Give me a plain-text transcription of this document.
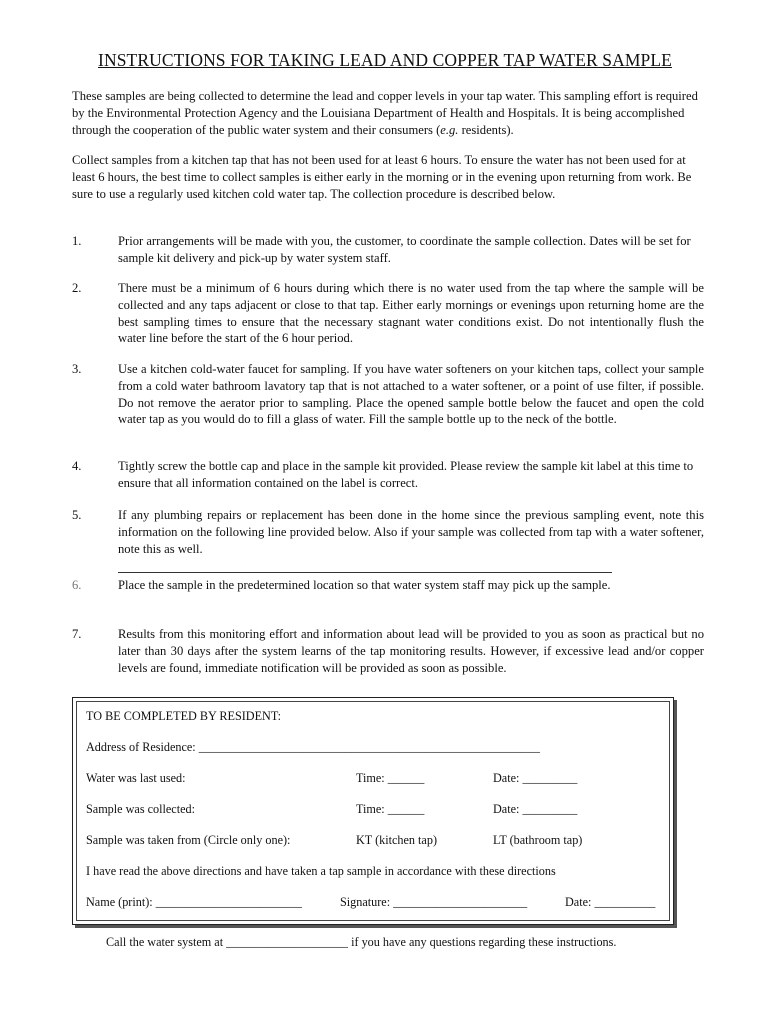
INSTRUCTIONS FOR TAKING LEAD AND COPPER TAP WATER SAMPLE
These samples are being collected to determine the lead and copper levels in your tap water. This sampling effort is required by the Environmental Protection Agency and the Louisiana Department of Health and Hospitals. It is being accomplished through the cooperation of the public water system and their consumers (e.g. residents).
Collect samples from a kitchen tap that has not been used for at least 6 hours. To ensure the water has not been used for at least 6 hours, the best time to collect samples is either early in the morning or in the evening upon returning from work. Be sure to use a regularly used kitchen cold water tap. The collection procedure is described below.
1.	Prior arrangements will be made with you, the customer, to coordinate the sample collection. Dates will be set for sample kit delivery and pick-up by water system staff.
2.	There must be a minimum of 6 hours during which there is no water used from the tap where the sample will be collected and any taps adjacent or close to that tap. Either early mornings or evenings upon returning home are the best sampling times to ensure that the necessary stagnant water conditions exist. Do not intentionally flush the water line before the start of the 6 hour period.
3.	Use a kitchen cold-water faucet for sampling. If you have water softeners on your kitchen taps, collect your sample from a cold water bathroom lavatory tap that is not attached to a water softener, or a point of use filter, if possible. Do not remove the aerator prior to sampling. Place the opened sample bottle below the faucet and open the cold water tap as you would do to fill a glass of water. Fill the sample bottle up to the neck of the bottle.
4.	Tightly screw the bottle cap and place in the sample kit provided. Please review the sample kit label at this time to ensure that all information contained on the label is correct.
5.	If any plumbing repairs or replacement has been done in the home since the previous sampling event, note this information on the following line provided below. Also if your sample was collected from tap with a water softener, note this as well.
6.	Place the sample in the predetermined location so that water system staff may pick up the sample.
7.	Results from this monitoring effort and information about lead will be provided to you as soon as practical but no later than 30 days after the system learns of the tap monitoring results. However, if excessive lead and/or copper levels are found, immediate notification will be provided as soon as possible.
TO BE COMPLETED BY RESIDENT:
Address of Residence: ________________________________________________________
Water was last used:	Time: ______	Date: _________
Sample was collected:	Time: ______	Date: _________
Sample was taken from (Circle only one):	KT (kitchen tap)	LT (bathroom tap)
I have read the above directions and have taken a tap sample in accordance with these directions
Name (print): ________________________	Signature: ______________________	Date: __________
Call the water system at ____________________ if you have any questions regarding these instructions.
